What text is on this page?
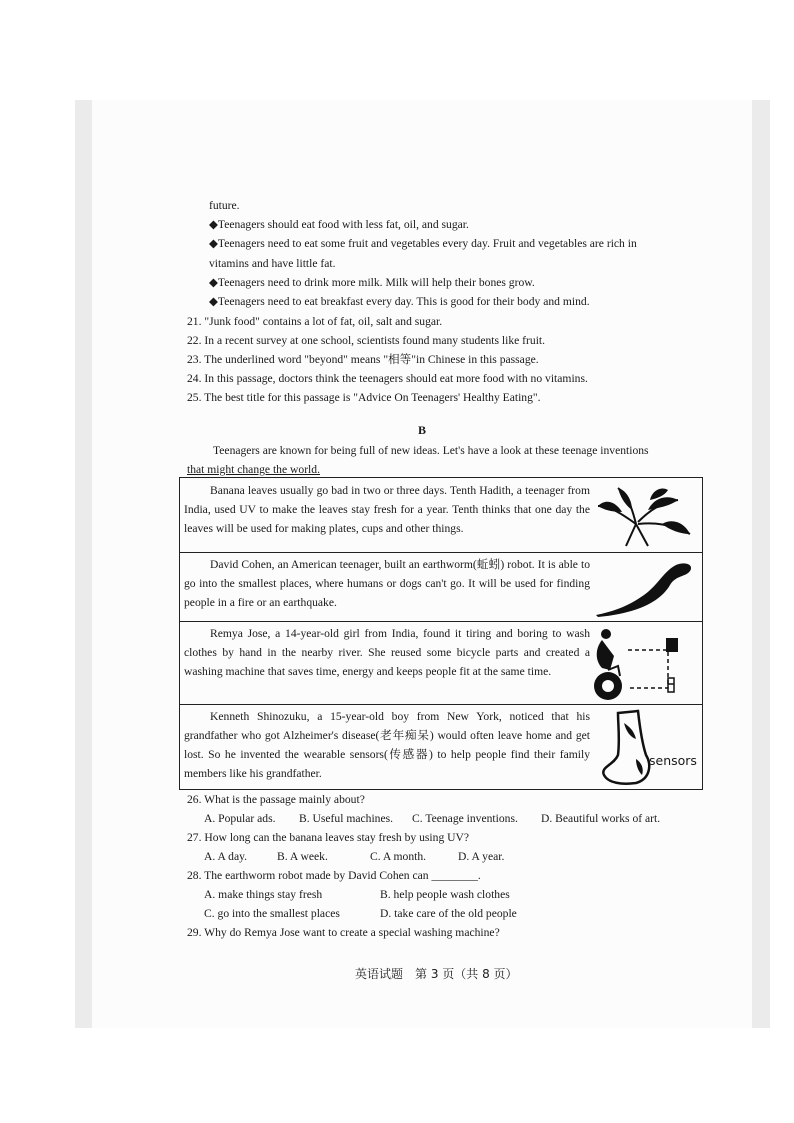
future.
◆Teenagers should eat food with less fat, oil, and sugar.
◆Teenagers need to eat some fruit and vegetables every day. Fruit and vegetables are rich in
vitamins and have little fat.
◆Teenagers need to drink more milk. Milk will help their bones grow.
◆Teenagers need to eat breakfast every day. This is good for their body and mind.
21. "Junk food" contains a lot of fat, oil, salt and sugar.
22. In a recent survey at one school, scientists found many students like fruit.
23. The underlined word "beyond" means "相等"in Chinese in this passage.
24. In this passage, doctors think the teenagers should eat more food with no vitamins.
25. The best title for this passage is "Advice On Teenagers' Healthy Eating".
B
Teenagers are known for being full of new ideas. Let's have a look at these teenage inventions
that might change the world.
Banana leaves usually go bad in two or three days. Tenth Hadith, a teenager from India, used UV to make the leaves stay fresh for a year. Tenth thinks that one day the leaves will be used for making plates, cups and other things.
David Cohen, an American teenager, built an earthworm(蚯蚓) robot. It is able to go into the smallest places, where humans or dogs can't go. It will be used for finding people in a fire or an earthquake.
Remya Jose, a 14-year-old girl from India, found it tiring and boring to wash clothes by hand in the nearby river. She reused some bicycle parts and created a washing machine that saves time, energy and keeps people fit at the same time.
Kenneth Shinozuku, a 15-year-old boy from New York, noticed that his grandfather who got Alzheimer's disease(老年痴呆) would often leave home and get lost. So he invented the wearable sensors(传感器) to help people find their family members like his grandfather.
sensors
26. What is the passage mainly about?
A. Popular ads. B. Useful machines. C. Teenage inventions. D. Beautiful works of art.
27. How long can the banana leaves stay fresh by using UV?
A. A day.	B. A week.	C. A month.	D. A year.
28. The earthworm robot made by David Cohen can ________.
A. make things stay fresh	B. help people wash clothes
C. go into the smallest places	D. take care of the old people
29. Why do Remya Jose want to create a special washing machine?
英语试题　第 3 页（共 8 页）
